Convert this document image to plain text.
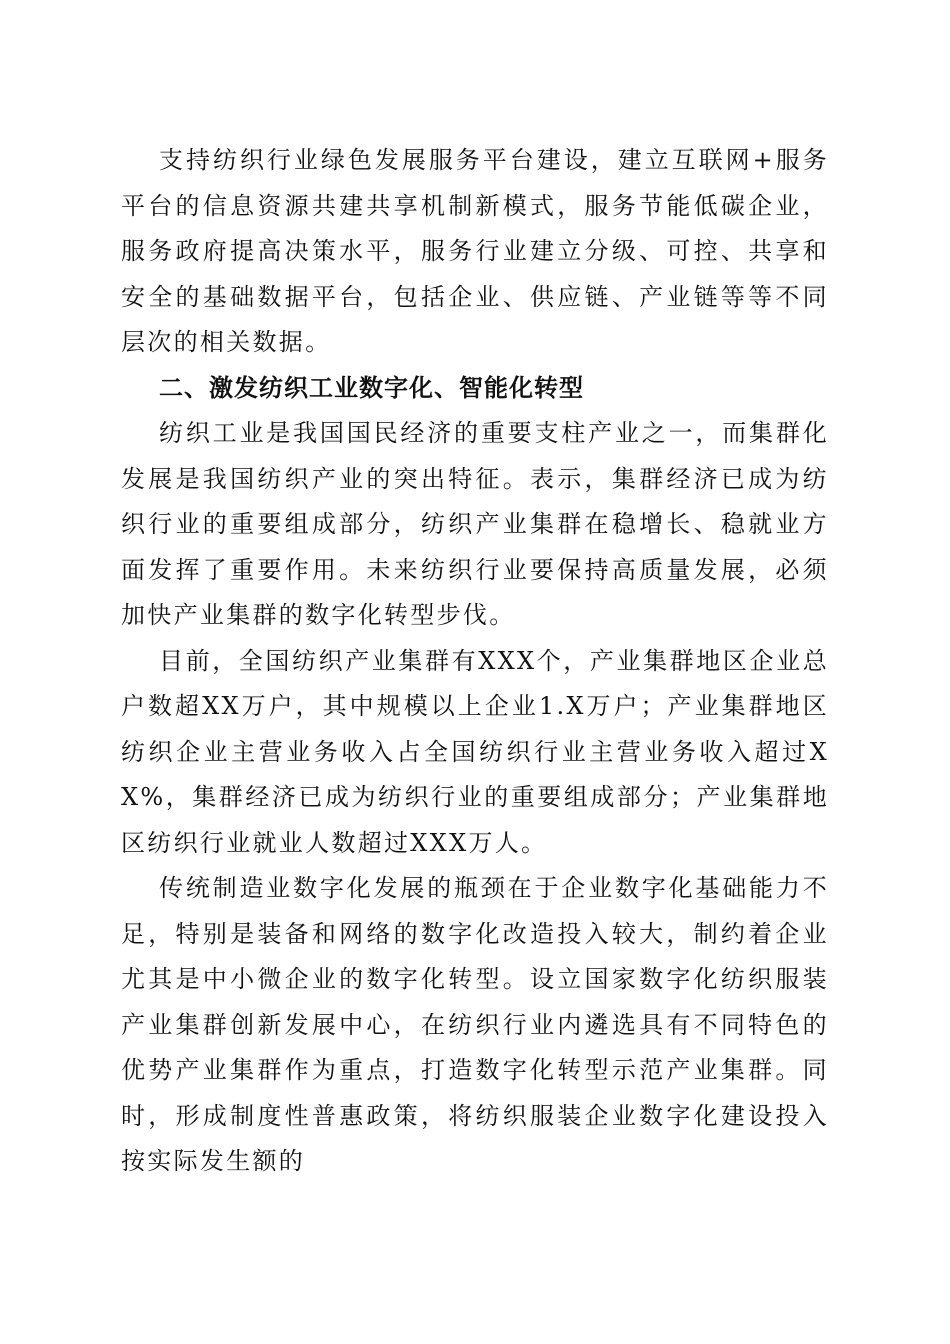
支持纺织行业绿色发展服务平台建设，建立互联网+服务平台的信息资源共建共享机制新模式，服务节能低碳企业，服务政府提高决策水平，服务行业建立分级、可控、共享和安全的基础数据平台，包括企业、供应链、产业链等等不同层次的相关数据。

二、激发纺织工业数字化、智能化转型

纺织工业是我国国民经济的重要支柱产业之一，而集群化发展是我国纺织产业的突出特征。表示，集群经济已成为纺织行业的重要组成部分，纺织产业集群在稳增长、稳就业方面发挥了重要作用。未来纺织行业要保持高质量发展，必须加快产业集群的数字化转型步伐。

目前，全国纺织产业集群有XXX个，产业集群地区企业总户数超XX万户，其中规模以上企业1.X万户；产业集群地区纺织企业主营业务收入占全国纺织行业主营业务收入超过XX%，集群经济已成为纺织行业的重要组成部分；产业集群地区纺织行业就业人数超过XXX万人。

传统制造业数字化发展的瓶颈在于企业数字化基础能力不足，特别是装备和网络的数字化改造投入较大，制约着企业尤其是中小微企业的数字化转型。设立国家数字化纺织服装产业集群创新发展中心，在纺织行业内遴选具有不同特色的优势产业集群作为重点，打造数字化转型示范产业集群。同时，形成制度性普惠政策，将纺织服装企业数字化建设投入按实际发生额的
